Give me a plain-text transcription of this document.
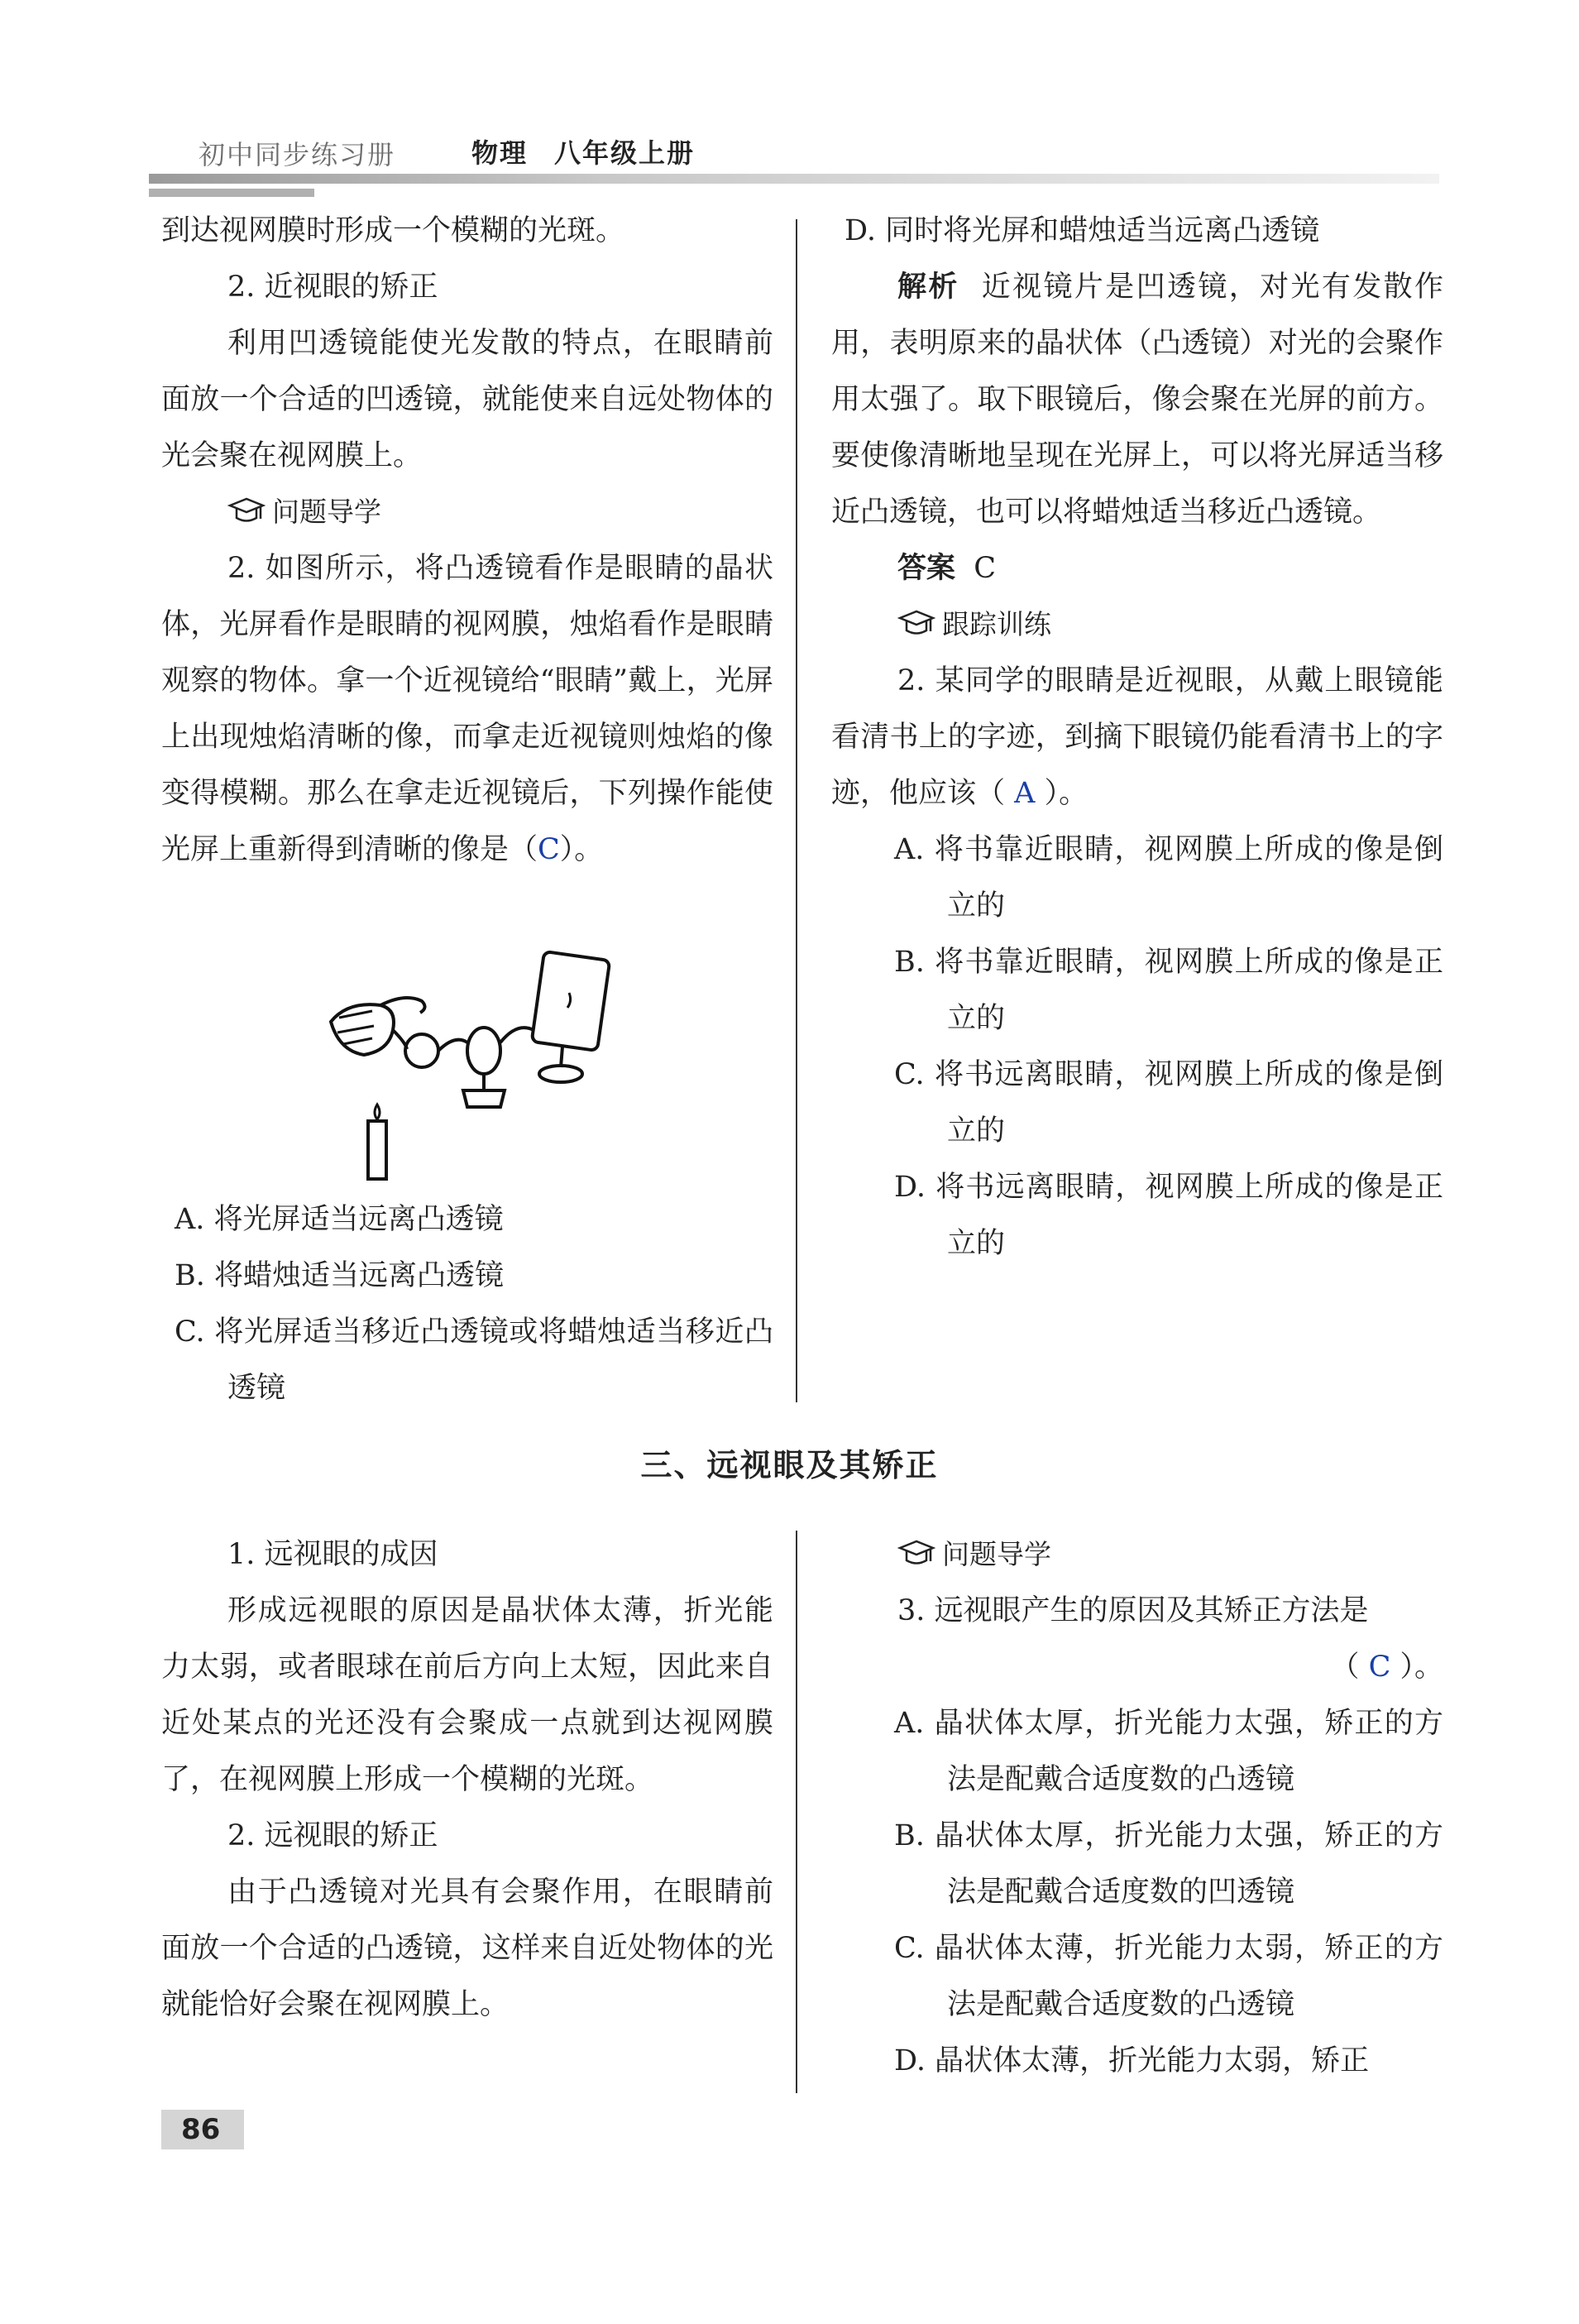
初中同步练习册	物理 八年级上册

到达视网膜时形成一个模糊的光斑。

2. 近视眼的矫正

利用凹透镜能使光发散的特点，在眼睛前面放一个合适的凹透镜，就能使来自远处物体的光会聚在视网膜上。

问题导学

2. 如图所示，将凸透镜看作是眼睛的晶状体，光屏看作是眼睛的视网膜，烛焰看作是眼睛观察的物体。拿一个近视镜给“眼睛”戴上，光屏上出现烛焰清晰的像，而拿走近视镜则烛焰的像变得模糊。那么在拿走近视镜后，下列操作能使光屏上重新得到清晰的像是（C）。

A. 将光屏适当远离凸透镜

B. 将蜡烛适当远离凸透镜

C. 将光屏适当移近凸透镜或将蜡烛适当移近凸透镜

D. 同时将光屏和蜡烛适当远离凸透镜

解析 近视镜片是凹透镜，对光有发散作用，表明原来的晶状体（凸透镜）对光的会聚作用太强了。取下眼镜后，像会聚在光屏的前方。要使像清晰地呈现在光屏上，可以将光屏适当移近凸透镜，也可以将蜡烛适当移近凸透镜。

答案 C

跟踪训练

2. 某同学的眼睛是近视眼，从戴上眼镜能看清书上的字迹，到摘下眼镜仍能看清书上的字迹，他应该（ A ）。

A. 将书靠近眼睛，视网膜上所成的像是倒立的

B. 将书靠近眼睛，视网膜上所成的像是正立的

C. 将书远离眼睛，视网膜上所成的像是倒立的

D. 将书远离眼睛，视网膜上所成的像是正立的

三、远视眼及其矫正

1. 远视眼的成因

形成远视眼的原因是晶状体太薄，折光能力太弱，或者眼球在前后方向上太短，因此来自近处某点的光还没有会聚成一点就到达视网膜了，在视网膜上形成一个模糊的光斑。

2. 远视眼的矫正

由于凸透镜对光具有会聚作用，在眼睛前面放一个合适的凸透镜，这样来自近处物体的光就能恰好会聚在视网膜上。

问题导学

3. 远视眼产生的原因及其矫正方法是

（ C ）。

A. 晶状体太厚，折光能力太强，矫正的方法是配戴合适度数的凸透镜

B. 晶状体太厚，折光能力太强，矫正的方法是配戴合适度数的凹透镜

C. 晶状体太薄，折光能力太弱，矫正的方法是配戴合适度数的凸透镜

D. 晶状体太薄，折光能力太弱，矫正

86
